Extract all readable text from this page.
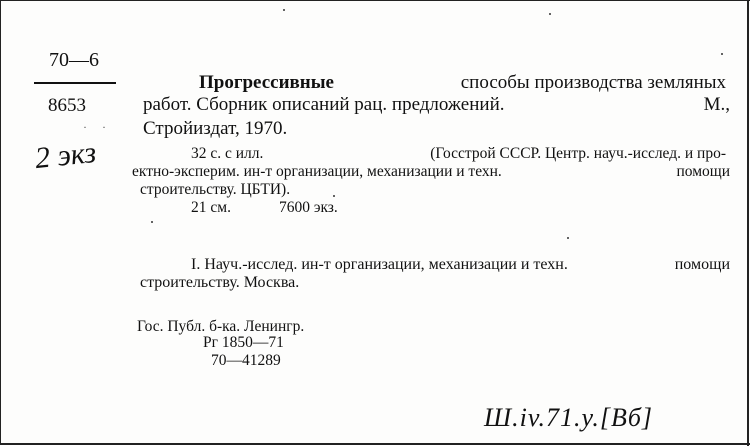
70—6
8653
· ·
2 экз
Прогрессивные	способы производства земляных
работ. Сборник описаний рац. предложений.	М.,
Стройиздат, 1970.
32 с. с илл.	(Госстрой СССР. Центр. науч.-исслед. и про-
ектно-эксперим. ин-т организации, механизации и техн.	помощи
строительству. ЦБТИ).
21 см.	7600 экз.
I. Науч.-исслед. ин-т организации, механизации и техн.	помощи
строительству. Москва.
Гос. Публ. б-ка. Ленингр.
Рг 1850—71
70—41289
Ш.іv.71.у.[Вб]
